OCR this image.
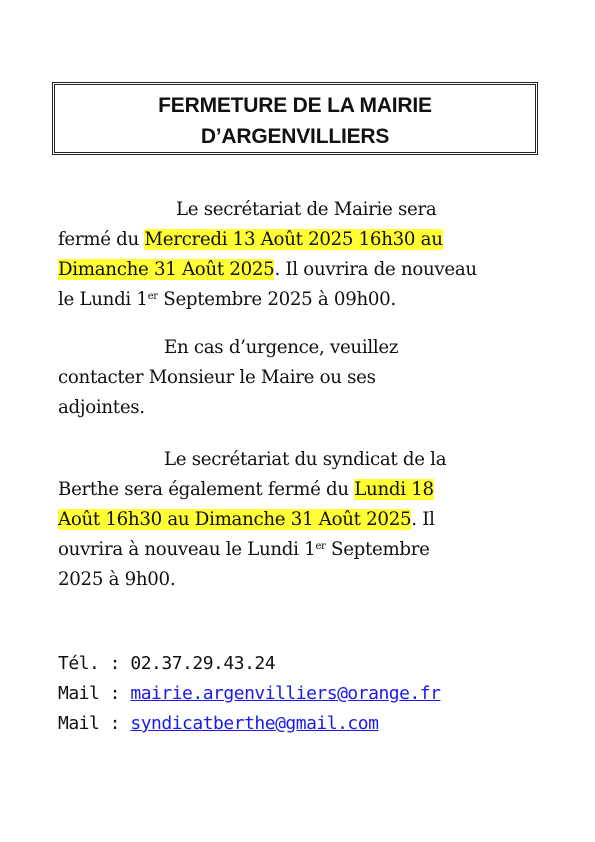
FERMETURE DE LA MAIRIE
D’ARGENVILLIERS
Le secrétariat de Mairie sera
fermé du Mercredi 13 Août 2025 16h30 au
Dimanche 31 Août 2025. Il ouvrira de nouveau
le Lundi 1er Septembre 2025 à 09h00.
En cas d’urgence, veuillez
contacter Monsieur le Maire ou ses
adjointes.
Le secrétariat du syndicat de la
Berthe sera également fermé du Lundi 18
Août 16h30 au Dimanche 31 Août 2025. Il
ouvrira à nouveau le Lundi 1er Septembre
2025 à 9h00.
Tél. : 02.37.29.43.24
Mail : mairie.argenvilliers@orange.fr
Mail : syndicatberthe@gmail.com
